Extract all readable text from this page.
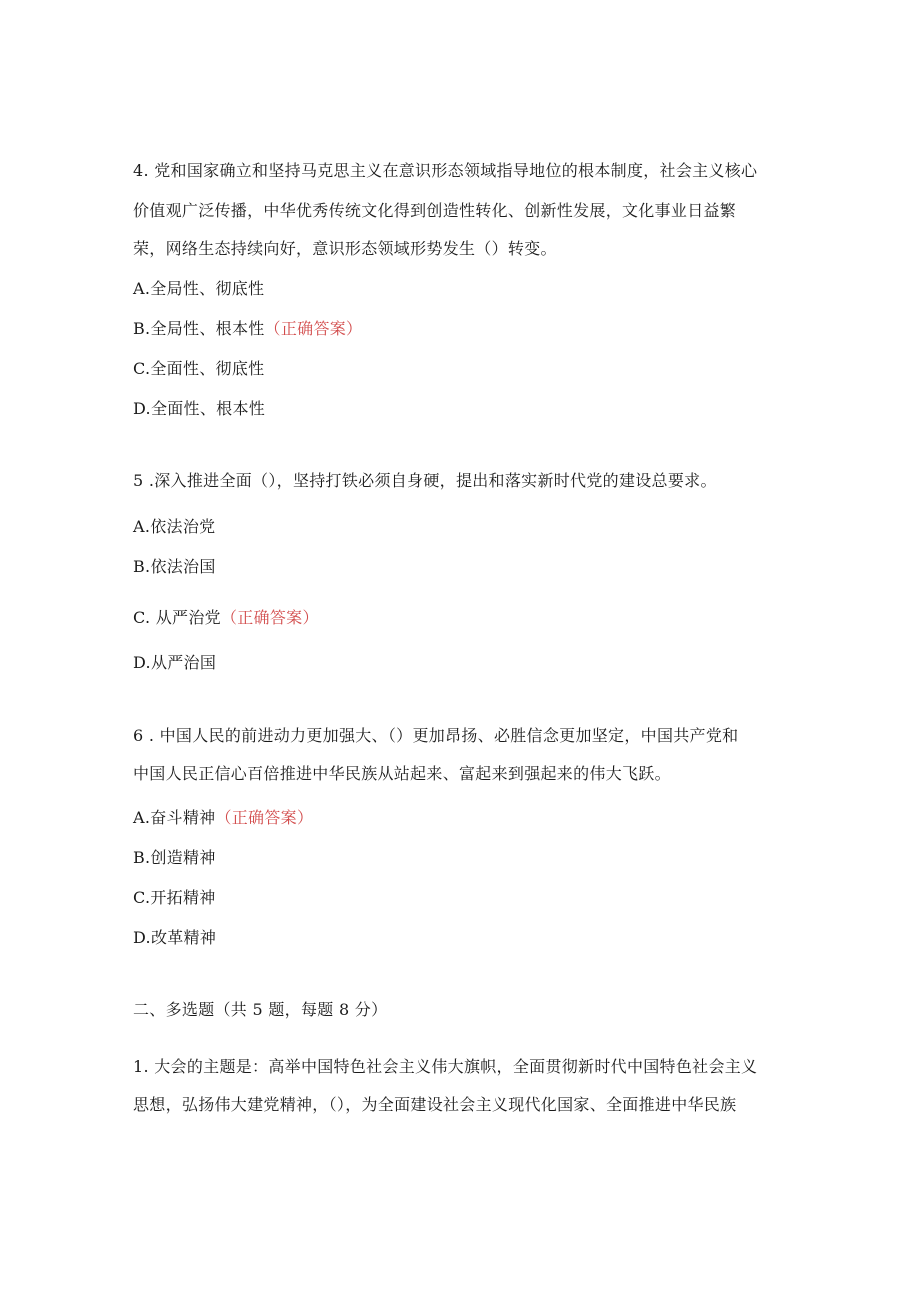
4. 党和国家确立和坚持马克思主义在意识形态领域指导地位的根本制度，社会主义核心
价值观广泛传播，中华优秀传统文化得到创造性转化、创新性发展，文化事业日益繁
荣，网络生态持续向好，意识形态领域形势发生（）转变。
A.全局性、彻底性
B.全局性、根本性（正确答案）
C.全面性、彻底性
D.全面性、根本性
5 .深入推进全面（），坚持打铁必须自身硬，提出和落实新时代党的建设总要求。
A.依法治党
B.依法治国
C. 从严治党（正确答案）
D.从严治国
6 . 中国人民的前进动力更加强大、（）更加昂扬、必胜信念更加坚定，中国共产党和
中国人民正信心百倍推进中华民族从站起来、富起来到强起来的伟大飞跃。
A.奋斗精神（正确答案）
B.创造精神
C.开拓精神
D.改革精神
二、多选题（共 5 题，每题 8 分）
1. 大会的主题是：高举中国特色社会主义伟大旗帜，全面贯彻新时代中国特色社会主义
思想，弘扬伟大建党精神，（），为全面建设社会主义现代化国家、全面推进中华民族
